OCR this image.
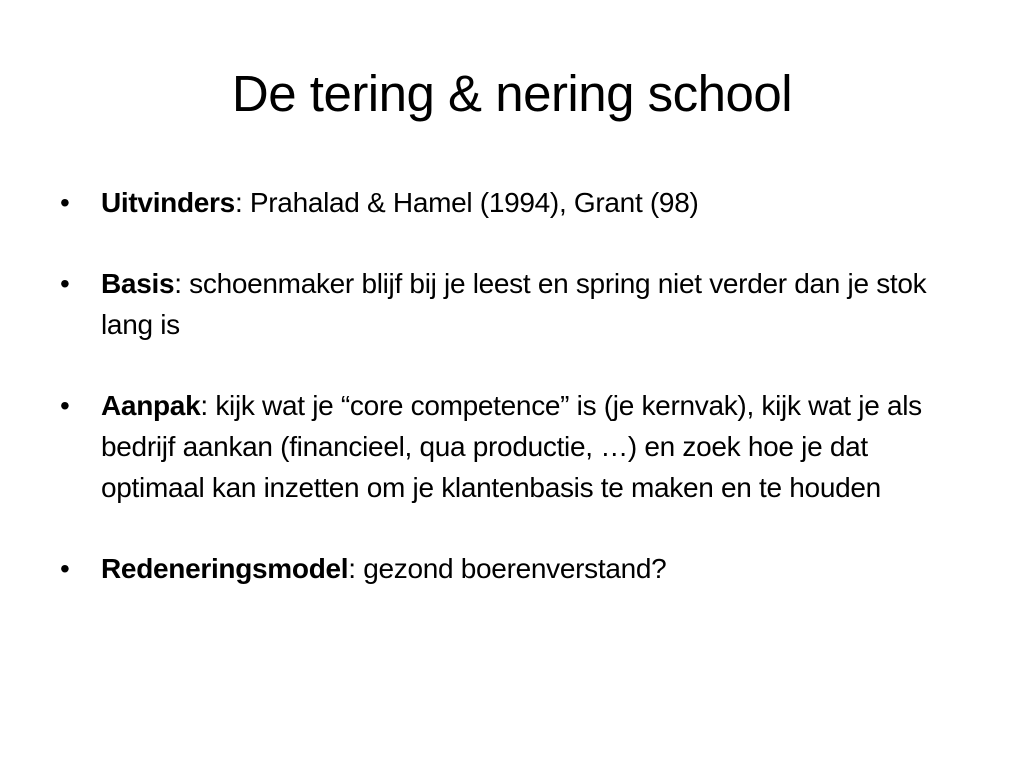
De tering & nering school
• Uitvinders: Prahalad & Hamel (1994), Grant (98)
• Basis: schoenmaker blijf bij je leest en spring niet verder dan je stok lang is
• Aanpak: kijk wat je “core competence” is (je kernvak), kijk wat je als bedrijf aankan (financieel, qua productie, …) en zoek hoe je dat optimaal kan inzetten om je klantenbasis te maken en te houden
• Redeneringsmodel: gezond boerenverstand?
